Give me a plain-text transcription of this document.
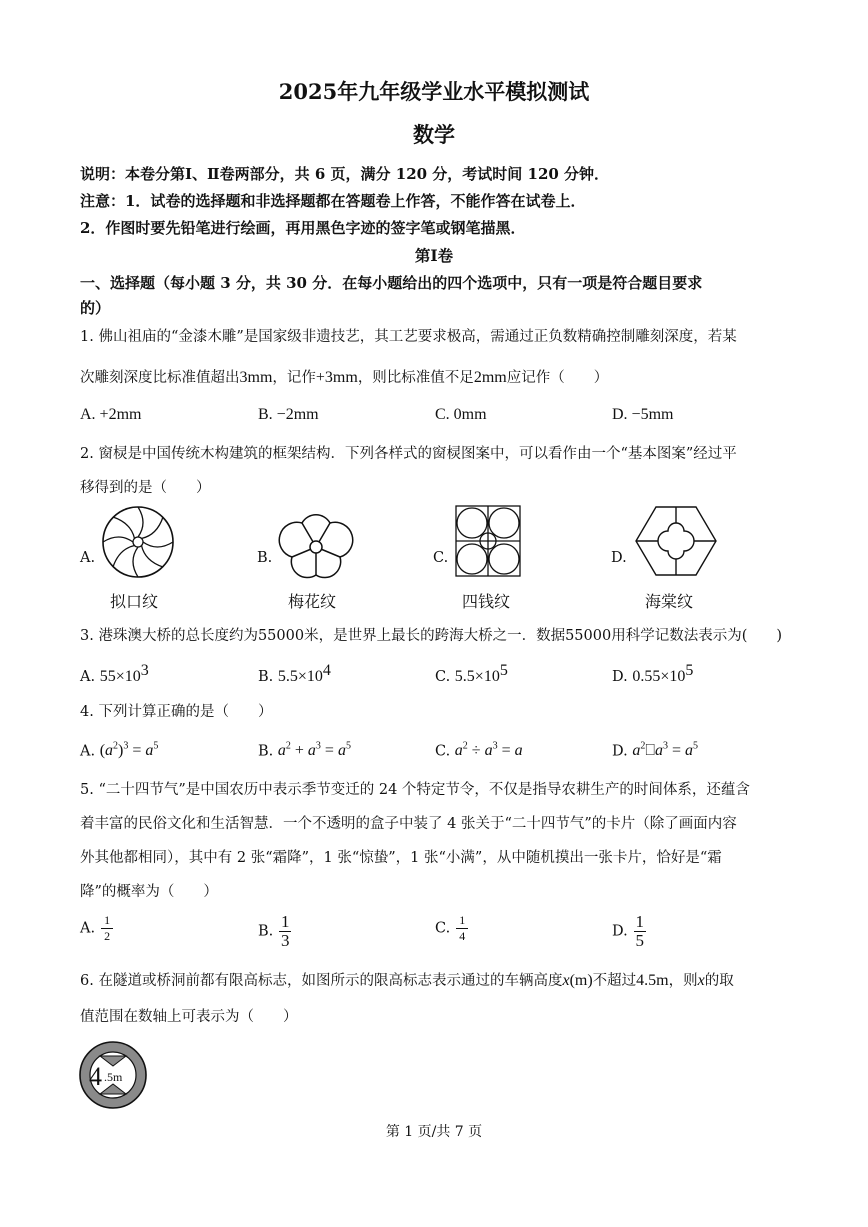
2025年九年级学业水平模拟测试
数学
说明：本卷分第Ⅰ、Ⅱ卷两部分，共 6 页，满分 120 分，考试时间 120 分钟．
注意：1．试卷的选择题和非选择题都在答题卷上作答，不能作答在试卷上．
2．作图时要先铅笔进行绘画，再用黑色字迹的签字笔或钢笔描黑．
第Ⅰ卷
一、选择题（每小题 3 分，共 30 分．在每小题给出的四个选项中，只有一项是符合题目要求
的）
1. 佛山祖庙的“金漆木雕”是国家级非遗技艺，其工艺要求极高，需通过正负数精确控制雕刻深度，若某
次雕刻深度比标准值超出3mm，记作+3mm，则比标准值不足2mm应记作（　　）
A. +2mm	B. −2mm	C. 0mm	D. −5mm
2. 窗棂是中国传统木构建筑的框架结构．下列各样式的窗棂图案中，可以看作由一个“基本图案”经过平
移得到的是（　　）
A.
拟口纹
B.
梅花纹
C.
四钱纹
D.
海棠纹
3. 港珠澳大桥的总长度约为55000米，是世界上最长的跨海大桥之一．数据55000用科学记数法表示为(　　)
A. $55\times 10^3$	B. $5.5\times 10^4$	C. $5.5\times 10^5$	D. $0.55\times 10^5$
4. 下列计算正确的是（　　）
A. $(a^2)^3 = a^5$	B. $a^2 + a^3 = a^5$	C. $a^2 \div a^3 = a$	D. $a^2⎕a^3 = a^5$
5. “二十四节气”是中国农历中表示季节变迁的 24 个特定节令，不仅是指导农耕生产的时间体系，还蕴含
着丰富的民俗文化和生活智慧．一个不透明的盒子中装了 4 张关于“二十四节气”的卡片（除了画面内容
外其他都相同），其中有 2 张“霜降”，1 张“惊蛰”，1 张“小满”，从中随机摸出一张卡片，恰好是“霜
降”的概率为（　　）
A. $\frac{1}{2}$	B. $\frac{1}{3}$	C. $\frac{1}{4}$	D. $\frac{1}{5}$
6. 在隧道或桥洞前都有限高标志，如图所示的限高标志表示通过的车辆高度x(m)不超过4.5m，则x的取
值范围在数轴上可表示为（　　）
4 .5m
第 1 页/共 7 页
